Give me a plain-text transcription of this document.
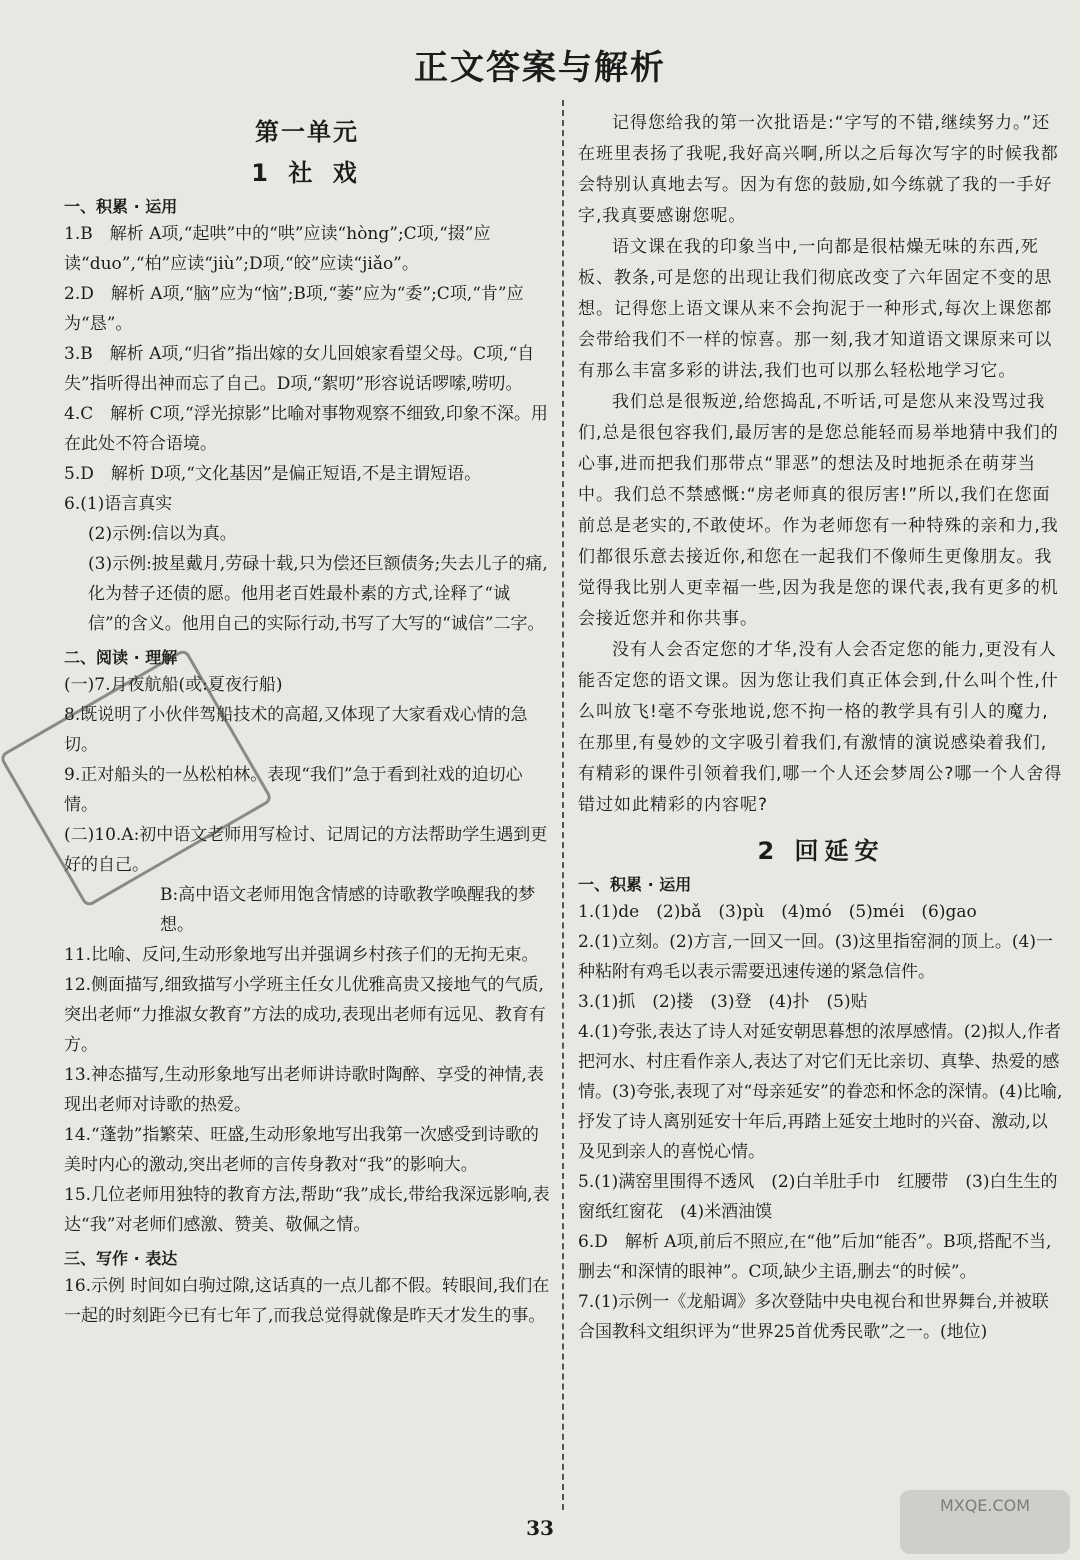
正文答案与解析
第一单元
1 社 戏
一、积累 · 运用

1.B　解析 A项,“起哄”中的“哄”应读“hòng”;C项,“掇”应读“duo”,“柏”应读“jiù”;D项,“皎”应读“jiǎo”。

2.D　解析 A项,“脑”应为“恼”;B项,“萎”应为“委”;C项,“肯”应为“恳”。

3.B　解析 A项,“归省”指出嫁的女儿回娘家看望父母。C项,“自失”指听得出神而忘了自己。D项,“絮叨”形容说话啰嗦,唠叨。

4.C　解析 C项,“浮光掠影”比喻对事物观察不细致,印象不深。用在此处不符合语境。

5.D　解析 D项,“文化基因”是偏正短语,不是主谓短语。

6.(1)语言真实

(2)示例:信以为真。

(3)示例:披星戴月,劳碌十载,只为偿还巨额债务;失去儿子的痛,化为替子还债的愿。他用老百姓最朴素的方式,诠释了“诚信”的含义。他用自己的实际行动,书写了大写的“诚信”二字。

二、阅读 · 理解

(一)7.月夜航船(或:夏夜行船)

8.既说明了小伙伴驾船技术的高超,又体现了大家看戏心情的急切。

9.正对船头的一丛松柏林。表现“我们”急于看到社戏的迫切心情。

(二)10.A:初中语文老师用写检讨、记周记的方法帮助学生遇到更好的自己。

B:高中语文老师用饱含情感的诗歌教学唤醒我的梦想。

11.比喻、反问,生动形象地写出并强调乡村孩子们的无拘无束。

12.侧面描写,细致描写小学班主任女儿优雅高贵又接地气的气质,突出老师“力推淑女教育”方法的成功,表现出老师有远见、教育有方。

13.神态描写,生动形象地写出老师讲诗歌时陶醉、享受的神情,表现出老师对诗歌的热爱。

14.“蓬勃”指繁荣、旺盛,生动形象地写出我第一次感受到诗歌的美时内心的激动,突出老师的言传身教对“我”的影响大。

15.几位老师用独特的教育方法,帮助“我”成长,带给我深远影响,表达“我”对老师们感激、赞美、敬佩之情。

三、写作 · 表达

16.示例 时间如白驹过隙,这话真的一点儿都不假。转眼间,我们在一起的时刻距今已有七年了,而我总觉得就像是昨天才发生的事。

记得您给我的第一次批语是:“字写的不错,继续努力。”还在班里表扬了我呢,我好高兴啊,所以之后每次写字的时候我都会特别认真地去写。因为有您的鼓励,如今练就了我的一手好字,我真要感谢您呢。

语文课在我的印象当中,一向都是很枯燥无味的东西,死板、教条,可是您的出现让我们彻底改变了六年固定不变的思想。记得您上语文课从来不会拘泥于一种形式,每次上课您都会带给我们不一样的惊喜。那一刻,我才知道语文课原来可以有那么丰富多彩的讲法,我们也可以那么轻松地学习它。

我们总是很叛逆,给您捣乱,不听话,可是您从来没骂过我们,总是很包容我们,最厉害的是您总能轻而易举地猜中我们的心事,进而把我们那带点“罪恶”的想法及时地扼杀在萌芽当中。我们总不禁感慨:“房老师真的很厉害!”所以,我们在您面前总是老实的,不敢使坏。作为老师您有一种特殊的亲和力,我们都很乐意去接近你,和您在一起我们不像师生更像朋友。我觉得我比别人更幸福一些,因为我是您的课代表,我有更多的机会接近您并和你共事。

没有人会否定您的才华,没有人会否定您的能力,更没有人能否定您的语文课。因为您让我们真正体会到,什么叫个性,什么叫放飞!毫不夸张地说,您不拘一格的教学具有引人的魔力,在那里,有曼妙的文字吸引着我们,有激情的演说感染着我们,有精彩的课件引领着我们,哪一个人还会梦周公?哪一个人舍得错过如此精彩的内容呢?

2 回延安
一、积累 · 运用

1.(1)de　(2)bǎ　(3)pù　(4)mó　(5)méi　(6)gao

2.(1)立刻。(2)方言,一回又一回。(3)这里指窑洞的顶上。(4)一种粘附有鸡毛以表示需要迅速传递的紧急信件。

3.(1)抓　(2)搂　(3)登　(4)扑　(5)贴

4.(1)夸张,表达了诗人对延安朝思暮想的浓厚感情。(2)拟人,作者把河水、村庄看作亲人,表达了对它们无比亲切、真挚、热爱的感情。(3)夸张,表现了对“母亲延安”的眷恋和怀念的深情。(4)比喻,抒发了诗人离别延安十年后,再踏上延安土地时的兴奋、激动,以及见到亲人的喜悦心情。

5.(1)满窑里围得不透风　(2)白羊肚手巾　红腰带　(3)白生生的窗纸红窗花　(4)米酒油馍

6.D　解析 A项,前后不照应,在“他”后加“能否”。B项,搭配不当,删去“和深情的眼神”。C项,缺少主语,删去“的时候”。

7.(1)示例一《龙船调》多次登陆中央电视台和世界舞台,并被联合国教科文组织评为“世界25首优秀民歌”之一。(地位)

33
MXQE.COM
